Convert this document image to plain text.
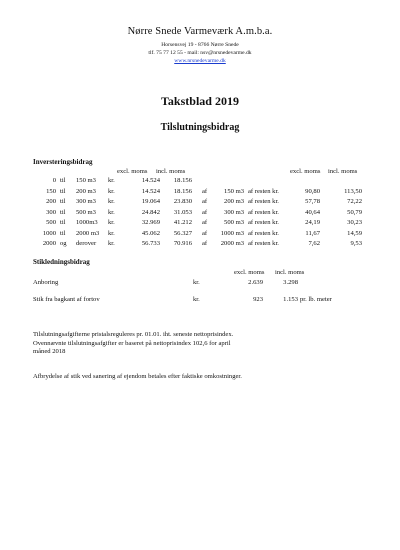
Nørre Snede Varmeværk A.m.b.a.
Horsensvej 19 - 8766 Nørre Snede
tlf. 75 77 12 55 - mail: nsv@nrsnedevarme.dk
www.nrsnedevarme.dk
Takstblad 2019
Tilslutningsbidrag
Inversteringsbidrag
excl. moms incl. moms	excl. moms incl. moms
0 til	150 m3	kr.	14.524	18.156
150 til	200 m3	kr.	14.524	18.156 af	150 m3 af resten kr.	90,80	113,50
200 til	300 m3	kr.	19.064	23.830 af	200 m3 af resten kr.	57,78	72,22
300 til	500 m3	kr.	24.842	31.053 af	300 m3 af resten kr.	40,64	50,79
500 til	1000m3	kr.	32.969	41.212 af	500 m3 af resten kr.	24,19	30,23
1000 til	2000 m3	kr.	45.062	56.327 af	1000 m3 af resten kr.	11,67	14,59
2000 og	derover	kr.	56.733	70.916 af	2000 m3 af resten kr.	7,62	9,53
Stikledningsbidrag
excl. moms incl. moms
Anboring	kr.	2.639	3.298
Stik fra bagkant af fortov	kr.	923	1.153 pr. lb. meter
Tilslutningsafgifterne pristalsreguleres pr. 01.01. iht. seneste nettoprisindex.
Ovennævnte tilslutningsafgifter er baseret på nettoprisindex 102,6 for april
måned 2018
Afbrydelse af stik ved sanering af ejendom betales efter faktiske omkostninger.
